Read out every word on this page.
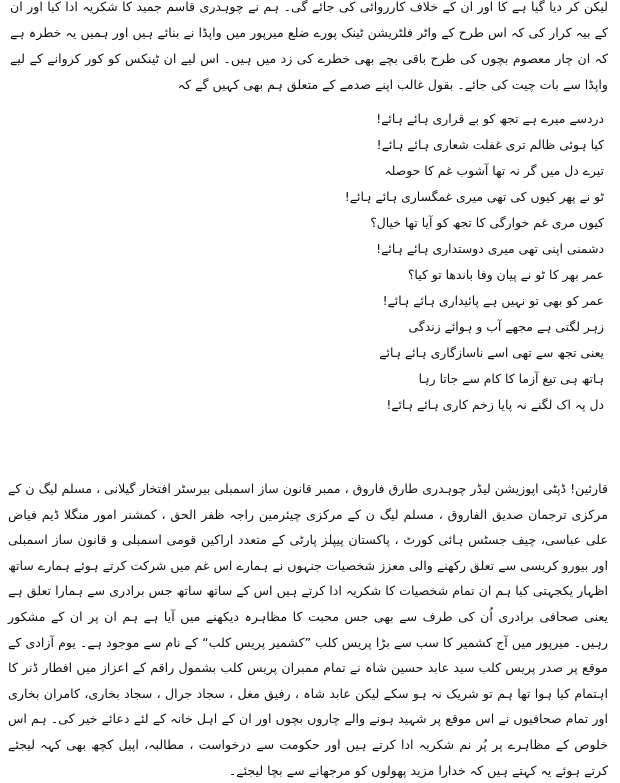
لیکن کر دیا گیا ہے کا اور ان کے خلاف کارروائی کی جائے گی۔ ہم نے چوہدری قاسم جمید کا شکریہ ادا کیا اور ان کے بیہ کرار کی کہ اس طرح کے واٹر فلٹریشن ٹینک پورے ضلع میرپور میں واپڈا نے بنائے ہیں اور ہمیں یہ خطرہ ہے کہ ان چار معصوم بچوں کی طرح باقی بچے بھی خطرے کی زد میں ہیں۔ اس لیے ان ٹینکس کو کور کروانے کے لیے واپڈا سے بات چیت کی جائے۔ بقول غالب اپنے صدمے کے متعلق ہم بھی کہیں گے کہ

دردسے میرے ہے تجھ کو بے قراری ہائے ہائے!
کیا ہوئی ظالم تری غفلت شعاری ہائے ہائے!
تیرے دل میں گر نہ تھا آشوب غم کا حوصلہ
ٹو نے پھر کیوں کی تھی میری غمگساری ہائے ہائے!
کیوں مری غم خوارگی کا تجھ کو آیا تھا خیال؟
دشمنی اپنی تھی میری دوستداری ہائے ہائے!
عمر بھر کا ٹو نے پیان وفا باندھا تو کیا؟
عمر کو بھی تو نہیں ہے پائیداری ہائے ہائے!
زہر لگتی ہے مجھے آب و ہوائے زندگی
یعنی تجھ سے تھی اسے ناسازگاری ہائے ہائے
ہاتھ ہی تیغ آزما کا کام سے جاتا رہا
دل پہ اک لگنے نہ پایا زخم کاری ہائے ہائے!

قارئین! ڈپٹی اپوزیشن لیڈر چوہدری طارق فاروق ، ممبر قانون ساز اسمبلی بیرسٹر افتخار گیلانی ، مسلم لیگ ن کے مرکزی ترجمان صدیق الفاروق ، مسلم لیگ ن کے مرکزی چیئرمین راجہ ظفر الحق ، کمشنر امور منگلا ڈیم فیاض علی عباسی، چیف جسٹس ہائی کورٹ ، پاکستان پیپلز پارٹی کے متعدد اراکین قومی اسمبلی و قانون ساز اسمبلی اور بیورو کریسی سے تعلق رکھنے والی معزز شخصیات جنہوں نے ہمارے اس غم میں شرکت کرتے ہوئے ہمارے ساتھ اظہار یکجہتی کیا ہم ان تمام شخصیات کا شکریہ ادا کرتے ہیں اس کے ساتھ ساتھ جس برادری سے ہمارا تعلق ہے یعنی صحافی برادری اُن کی طرف سے بھی جس محبت کا مظاہرہ دیکھنے میں آیا ہے ہم ان پر ان کے مشکور رہیں۔ میرپور میں آج کشمیر کا سب سے بڑا پریس کلب ”کشمیر پریس کلب“ کے نام سے موجود ہے۔ یوم آزادی کے موقع پر صدر پریس کلب سید عابد حسین شاہ نے تمام ممبران پریس کلب بشمول راقم کے اعزاز میں افطار ڈنر کا اہتمام کیا ہوا تھا ہم تو شریک نہ ہو سکے لیکن عابد شاہ ، رفیق مغل ، سجاد جرال ، سجاد بخاری، کامران بخاری اور تمام صحافیوں نے اس موقع پر شہید ہونے والے چاروں بچوں اور ان کے اہل خانہ کے لئے دعائے خیر کی۔ ہم اس خلوص کے مظاہرے پر پُر نم شکریہ ادا کرتے ہیں اور حکومت سے درخواست ، مطالبہ، اپیل کچھ بھی کہہ لیجئے کرتے ہوئے یہ کہتے ہیں کہ خدارا مزید پھولوں کو مرجھانے سے بچا لیجئے۔
